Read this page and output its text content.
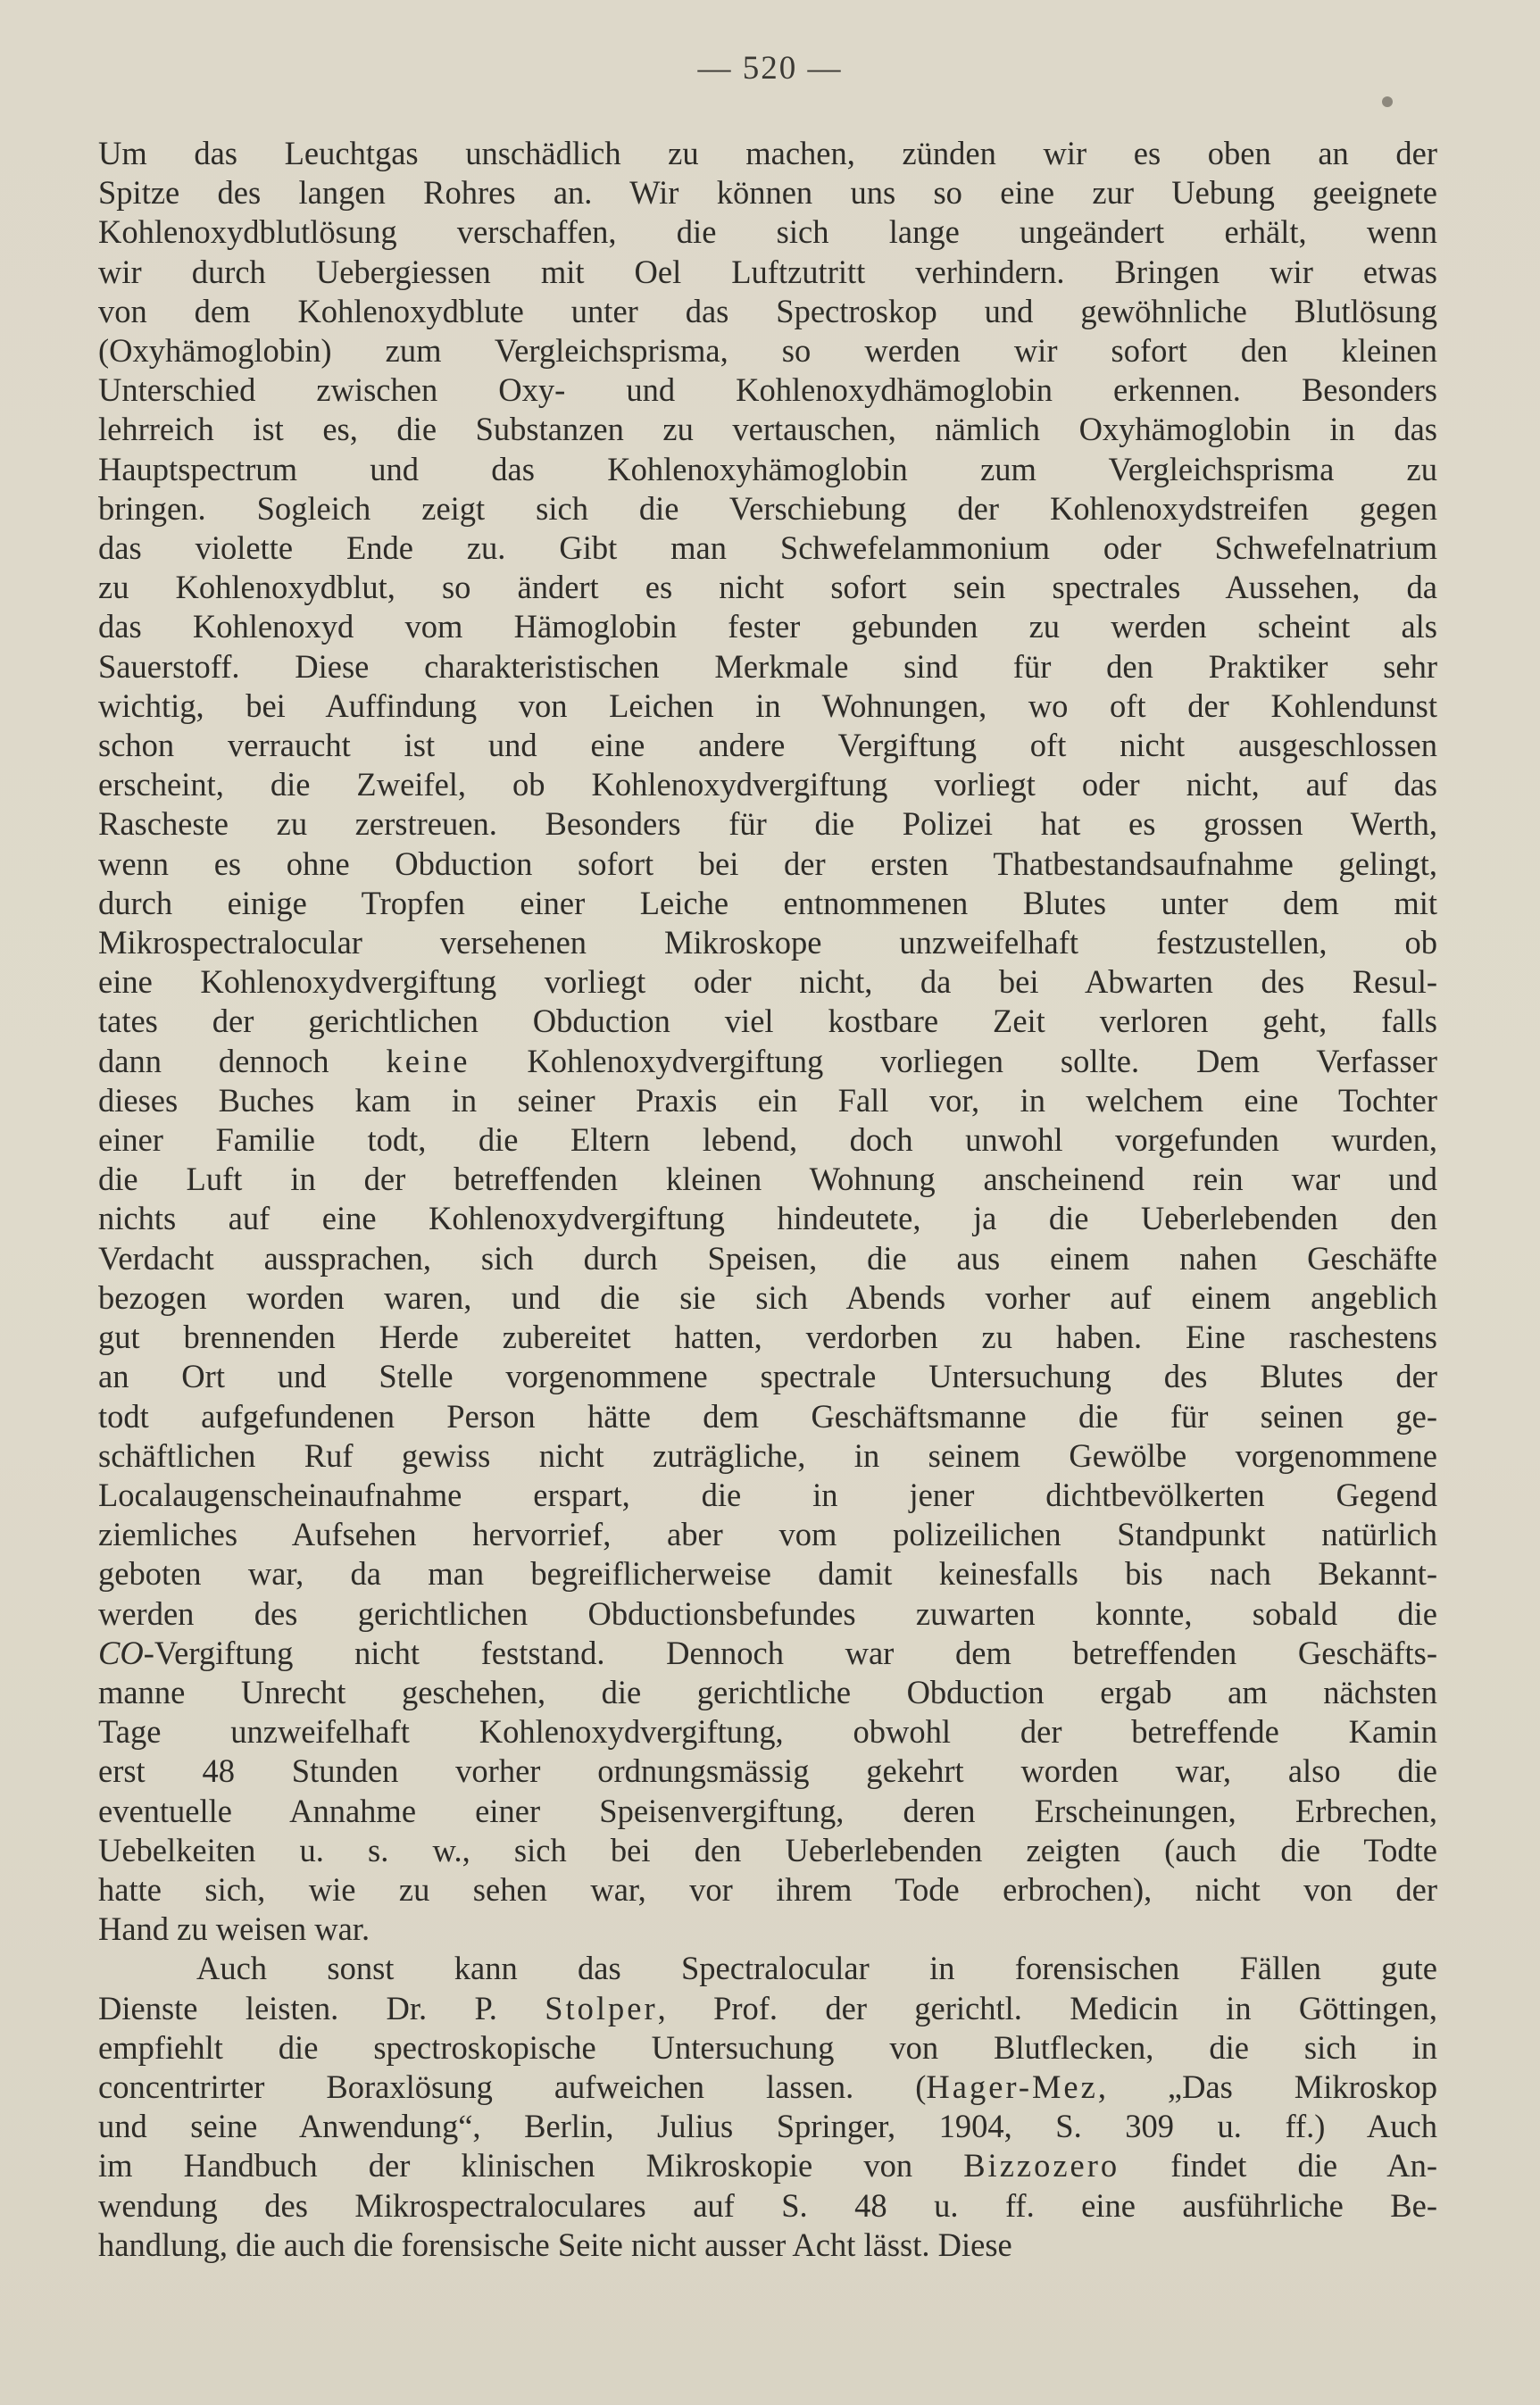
— 520 —
Um das Leuchtgas unschädlich zu machen, zünden wir es oben an der
Spitze des langen Rohres an. Wir können uns so eine zur Uebung geeignete
Kohlenoxydblutlösung verschaffen, die sich lange ungeändert erhält, wenn
wir durch Uebergiessen mit Oel Luftzutritt verhindern. Bringen wir etwas
von dem Kohlenoxydblute unter das Spectroskop und gewöhnliche Blutlösung
(Oxyhämoglobin) zum Vergleichsprisma, so werden wir sofort den kleinen
Unterschied zwischen Oxy- und Kohlenoxydhämoglobin erkennen. Besonders
lehrreich ist es, die Substanzen zu vertauschen, nämlich Oxyhämoglobin in das
Hauptspectrum und das Kohlenoxyhämoglobin zum Vergleichsprisma zu
bringen. Sogleich zeigt sich die Verschiebung der Kohlenoxydstreifen gegen
das violette Ende zu. Gibt man Schwefelammonium oder Schwefelnatrium
zu Kohlenoxydblut, so ändert es nicht sofort sein spectrales Aussehen, da
das Kohlenoxyd vom Hämoglobin fester gebunden zu werden scheint als
Sauerstoff. Diese charakteristischen Merkmale sind für den Praktiker sehr
wichtig, bei Auffindung von Leichen in Wohnungen, wo oft der Kohlendunst
schon verraucht ist und eine andere Vergiftung oft nicht ausgeschlossen
erscheint, die Zweifel, ob Kohlenoxydvergiftung vorliegt oder nicht, auf das
Rascheste zu zerstreuen. Besonders für die Polizei hat es grossen Werth,
wenn es ohne Obduction sofort bei der ersten Thatbestandsaufnahme gelingt,
durch einige Tropfen einer Leiche entnommenen Blutes unter dem mit
Mikrospectralocular versehenen Mikroskope unzweifelhaft festzustellen, ob
eine Kohlenoxydvergiftung vorliegt oder nicht, da bei Abwarten des Resul-
tates der gerichtlichen Obduction viel kostbare Zeit verloren geht, falls
dann dennoch keine Kohlenoxydvergiftung vorliegen sollte. Dem Verfasser
dieses Buches kam in seiner Praxis ein Fall vor, in welchem eine Tochter
einer Familie todt, die Eltern lebend, doch unwohl vorgefunden wurden,
die Luft in der betreffenden kleinen Wohnung anscheinend rein war und
nichts auf eine Kohlenoxydvergiftung hindeutete, ja die Ueberlebenden den
Verdacht aussprachen, sich durch Speisen, die aus einem nahen Geschäfte
bezogen worden waren, und die sie sich Abends vorher auf einem angeblich
gut brennenden Herde zubereitet hatten, verdorben zu haben. Eine raschestens
an Ort und Stelle vorgenommene spectrale Untersuchung des Blutes der
todt aufgefundenen Person hätte dem Geschäftsmanne die für seinen ge-
schäftlichen Ruf gewiss nicht zuträgliche, in seinem Gewölbe vorgenommene
Localaugenscheinaufnahme erspart, die in jener dichtbevölkerten Gegend
ziemliches Aufsehen hervorrief, aber vom polizeilichen Standpunkt natürlich
geboten war, da man begreiflicherweise damit keinesfalls bis nach Bekannt-
werden des gerichtlichen Obductionsbefundes zuwarten konnte, sobald die
CO-Vergiftung nicht feststand. Dennoch war dem betreffenden Geschäfts-
manne Unrecht geschehen, die gerichtliche Obduction ergab am nächsten
Tage unzweifelhaft Kohlenoxydvergiftung, obwohl der betreffende Kamin
erst 48 Stunden vorher ordnungsmässig gekehrt worden war, also die
eventuelle Annahme einer Speisenvergiftung, deren Erscheinungen, Erbrechen,
Uebelkeiten u. s. w., sich bei den Ueberlebenden zeigten (auch die Todte
hatte sich, wie zu sehen war, vor ihrem Tode erbrochen), nicht von der
Hand zu weisen war.
Auch sonst kann das Spectralocular in forensischen Fällen gute
Dienste leisten. Dr. P. Stolper, Prof. der gerichtl. Medicin in Göttingen,
empfiehlt die spectroskopische Untersuchung von Blutflecken, die sich in
concentrirter Boraxlösung aufweichen lassen. (Hager-Mez, „Das Mikroskop
und seine Anwendung“, Berlin, Julius Springer, 1904, S. 309 u. ff.) Auch
im Handbuch der klinischen Mikroskopie von Bizzozero findet die An-
wendung des Mikrospectraloculares auf S. 48 u. ff. eine ausführliche Be-
handlung, die auch die forensische Seite nicht ausser Acht lässt. Diese
